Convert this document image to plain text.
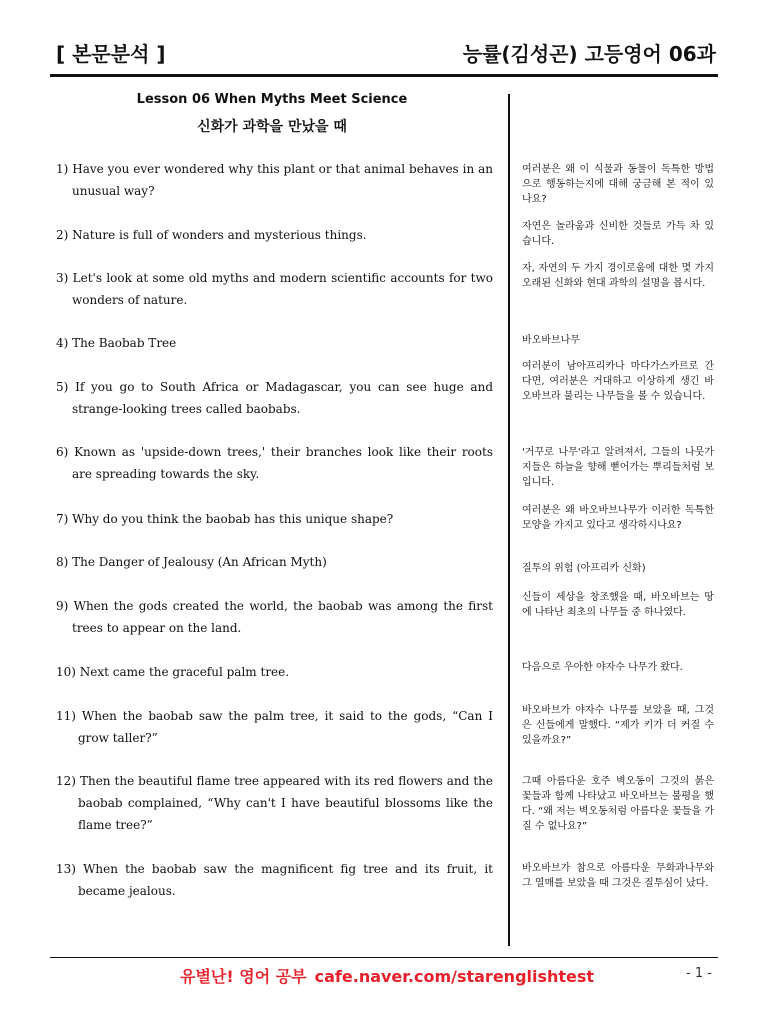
[ 본문분석 ]	능률(김성곤) 고등영어 06과
Lesson 06 When Myths Meet Science
신화가 과학을 만났을 때
1) Have you ever wondered why this plant or that animal behaves in an unusual way?
2) Nature is full of wonders and mysterious things.
3) Let's look at some old myths and modern scientific accounts for two wonders of nature.
4) The Baobab Tree
5) If you go to South Africa or Madagascar, you can see huge and strange-looking trees called baobabs.
6) Known as 'upside-down trees,' their branches look like their roots are spreading towards the sky.
7) Why do you think the baobab has this unique shape?
8) The Danger of Jealousy (An African Myth)
9) When the gods created the world, the baobab was among the first trees to appear on the land.
10) Next came the graceful palm tree.
11) When the baobab saw the palm tree, it said to the gods, “Can I grow taller?”
12) Then the beautiful flame tree appeared with its red flowers and the baobab complained, “Why can't I have beautiful blossoms like the flame tree?”
13) When the baobab saw the magnificent fig tree and its fruit, it became jealous.
여러분은 왜 이 식물과 동물이 독특한 방법으로 행동하는지에 대해 궁금해 본 적이 있나요?
자연은 놀라움과 신비한 것들로 가득 차 있습니다.
자, 자연의 두 가지 경이로움에 대한 몇 가지 오래된 신화와 현대 과학의 설명을 봅시다.
바오바브나무
여러분이 남아프리카나 마다가스카르로 간다면, 여러분은 거대하고 이상하게 생긴 바오바브라 불리는 나무들을 볼 수 있습니다.
'거꾸로 나무'라고 알려져서, 그들의 나뭇가지들은 하늘을 향해 뻗어가는 뿌리들처럼 보입니다.
여러분은 왜 바오바브나무가 이러한 독특한 모양을 가지고 있다고 생각하시나요?
질투의 위험 (아프리카 신화)
신들이 세상을 창조했을 때, 바오바브는 땅에 나타난 최초의 나무들 중 하나였다.
다음으로 우아한 야자수 나무가 왔다.
바오바브가 야자수 나무를 보았을 때, 그것은 신들에게 말했다. “제가 키가 더 커질 수 있을까요?”
그때 아름다운 호주 벽오동이 그것의 붉은 꽃들과 함께 나타났고 바오바브는 불평을 했다. “왜 저는 벽오동처럼 아름다운 꽃들을 가질 수 없나요?”
바오바브가 참으로 아름다운 무화과나무와 그 열매를 보았을 때 그것은 질투심이 났다.
유별난! 영어 공부 cafe.naver.com/starenglishtest	- 1 -
